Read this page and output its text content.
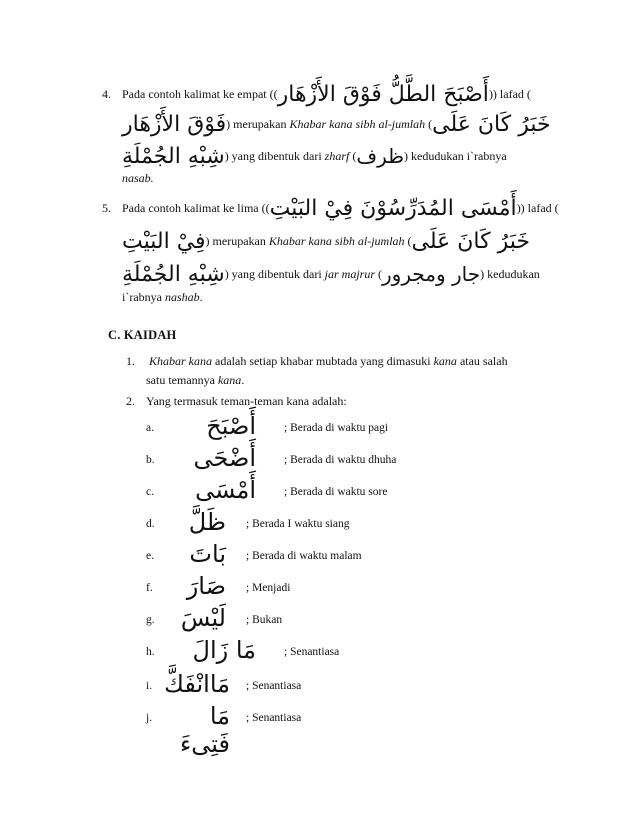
4. Pada contoh kalimat ke empat ((أَصْبَحَ الطَّلُّ فَوْقَ الأَزْهَار)) lafad (
فَوْقَ الأَزْهَار) merupakan Khabar kana sibh al-jumlah (خَبَرُ كَانَ عَلَى
شِبْهِ الجُمْلَةِ) yang dibentuk dari zharf (ظرف) kedudukan i`rabnya
nasab.
5. Pada contoh kalimat ke lima ((أَمْسَى المُدَرِّسُوْنَ فِيْ البَيْتِ)) lafad (
فِيْ البَيْتِ) merupakan Khabar kana sibh al-jumlah (خَبَرُ كَانَ عَلَى
شِبْهِ الجُمْلَةِ) yang dibentuk dari jar majrur (جار ومجرور) kedudukan
i`rabnya nashab.
C. KAIDAH
1. Khabar kana adalah setiap khabar mubtada yang dimasuki kana atau salah
satu temannya kana.
2. Yang termasuk teman-teman kana adalah:
a.	أَصْبَحَ ; Berada di waktu pagi
b.	أَضْحَى ; Berada di waktu dhuha
c.	أَمْسَى ; Berada di waktu sore
d.	ظَلَّ ; Berada I waktu siang
e.	بَاتَ ; Berada di waktu malam
f.	صَارَ ; Menjadi
g.	لَيْسَ ; Bukan
h.	مَا زَالَ ; Senantiasa
i. مَاانْفَكَّ ; Senantiasa
j.	مَا فَتِىءَ
; Senantiasa
